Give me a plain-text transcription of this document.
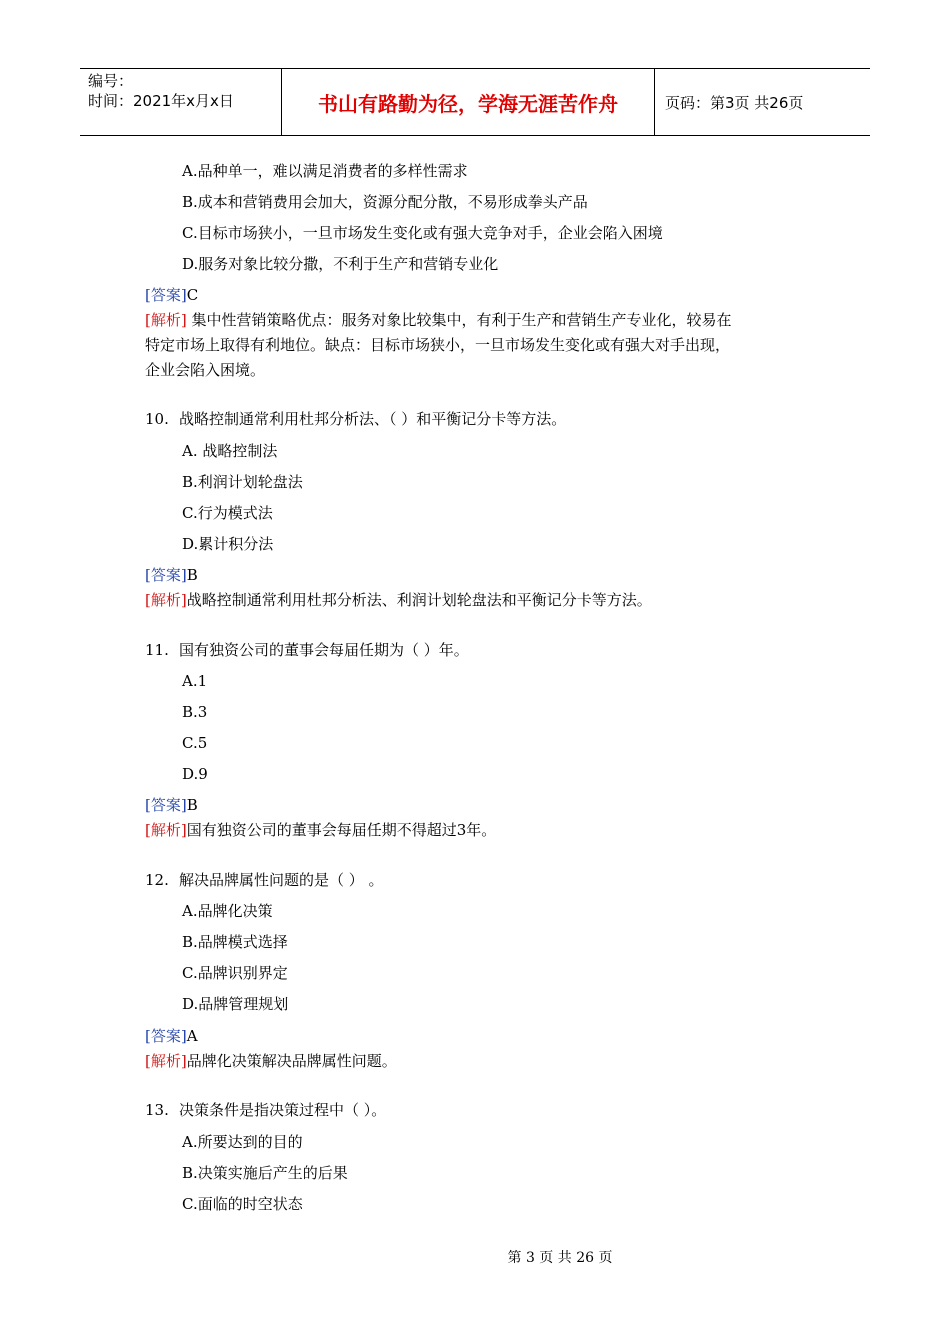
编号：
时间：2021年x月x日	书山有路勤为径，学海无涯苦作舟	页码：第3页 共26页
A.品种单一，难以满足消费者的多样性需求
B.成本和营销费用会加大，资源分配分散，不易形成拳头产品
C.目标市场狭小，一旦市场发生变化或有强大竞争对手，企业会陷入困境
D.服务对象比较分撒，不利于生产和营销专业化
[答案]C
[解析] 集中性营销策略优点：服务对象比较集中，有利于生产和营销生产专业化，较易在
特定市场上取得有利地位。缺点：目标市场狭小，一旦市场发生变化或有强大对手出现，
企业会陷入困境。
10. 战略控制通常利用杜邦分析法、（ ）和平衡记分卡等方法。
A. 战略控制法
B.利润计划轮盘法
C.行为模式法
D.累计积分法
[答案]B
[解析]战略控制通常利用杜邦分析法、利润计划轮盘法和平衡记分卡等方法。
11. 国有独资公司的董事会每届任期为（ ）年。
A.1
B.3
C.5
D.9
[答案]B
[解析]国有独资公司的董事会每届任期不得超过3年。
12. 解决品牌属性问题的是（ ） 。
A.品牌化决策
B.品牌模式选择
C.品牌识别界定
D.品牌管理规划
[答案]A
[解析]品牌化决策解决品牌属性问题。
13. 决策条件是指决策过程中（ ）。
A.所要达到的目的
B.决策实施后产生的后果
C.面临的时空状态
第 3 页 共 26 页
